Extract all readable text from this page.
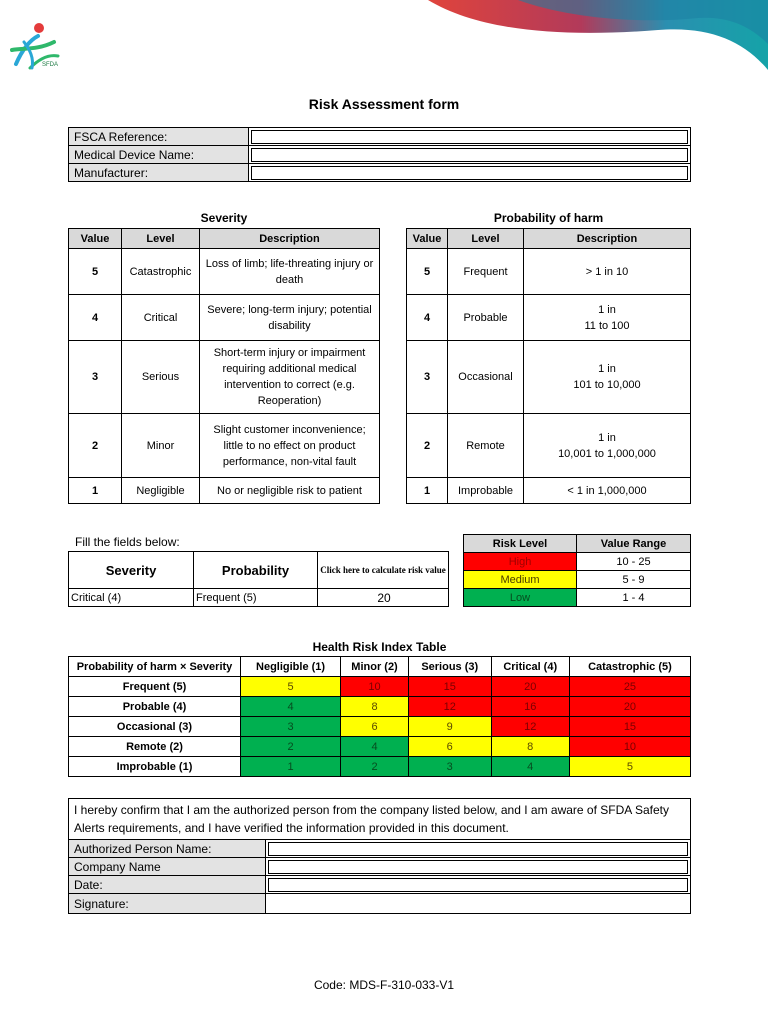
SFDA
Risk Assessment form
FSCA Reference:	

Medical Device Name:	

Manufacturer:	
Severity
Value	Level	Description
5	Catastrophic	Loss of limb; life-threating injury or death
4	Critical	Severe; long-term injury; potential disability
3	Serious	Short-term injury or impairment requiring additional medical intervention to correct (e.g. Reoperation)
2	Minor	Slight customer inconvenience; little to no effect on product performance, non-vital fault
1	Negligible	No or negligible risk to patient
Probability of harm
Value	Level	Description
5	Frequent	> 1 in 10
4	Probable	1 in
11 to 100
3	Occasional	1 in
101 to 10,000
2	Remote	1 in
10,001 to 1,000,000
1	Improbable	< 1 in 1,000,000
Fill the fields below:
Severity	Probability	Click here to calculate risk value
Critical (4)	Frequent (5)	20
Risk Level	Value Range
High	10 - 25
Medium	5 - 9
Low	1 - 4
Health Risk Index Table
Probability of harm × Severity	Negligible (1)	Minor (2)	Serious (3)	Critical (4)	Catastrophic (5)
Frequent (5)	5	10	15	20	25
Probable (4)	4	8	12	16	20
Occasional (3)	3	6	9	12	15
Remote (2)	2	4	6	8	10
Improbable (1)	1	2	3	4	5
I hereby confirm that I am the authorized person from the company listed below, and I am aware of SFDA Safety Alerts requirements, and I have verified the information provided in this document.	
Authorized Person Name:	

Company Name	

Date:	

Signature:	
Code: MDS-F-310-033-V1
